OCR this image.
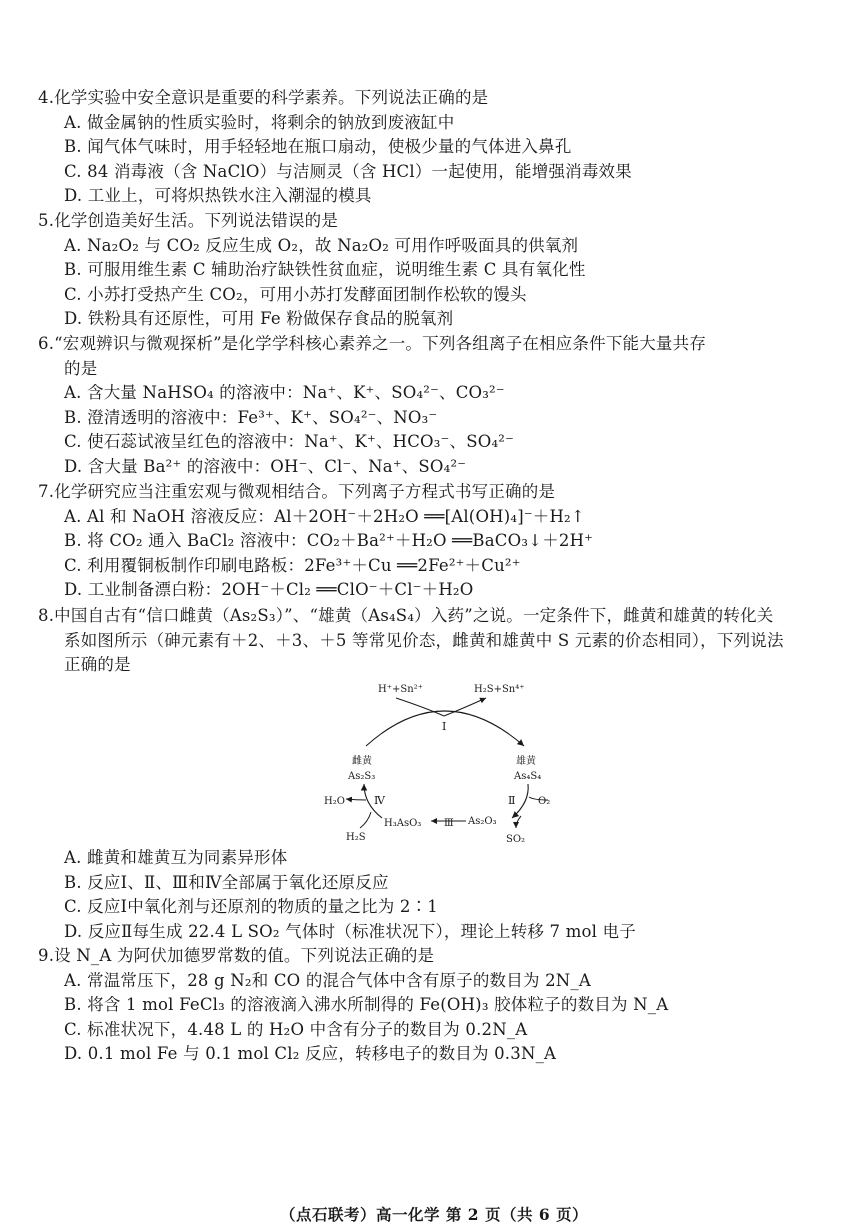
4.化学实验中安全意识是重要的科学素养。下列说法正确的是
A. 做金属钠的性质实验时，将剩余的钠放到废液缸中
B. 闻气体气味时，用手轻轻地在瓶口扇动，使极少量的气体进入鼻孔
C. 84 消毒液（含 NaClO）与洁厕灵（含 HCl）一起使用，能增强消毒效果
D. 工业上，可将炽热铁水注入潮湿的模具
5.化学创造美好生活。下列说法错误的是
A. Na₂O₂ 与 CO₂ 反应生成 O₂，故 Na₂O₂ 可用作呼吸面具的供氧剂
B. 可服用维生素 C 辅助治疗缺铁性贫血症，说明维生素 C 具有氧化性
C. 小苏打受热产生 CO₂，可用小苏打发酵面团制作松软的馒头
D. 铁粉具有还原性，可用 Fe 粉做保存食品的脱氧剂
6.“宏观辨识与微观探析”是化学学科核心素养之一。下列各组离子在相应条件下能大量共存
的是
A. 含大量 NaHSO₄ 的溶液中：Na⁺、K⁺、SO₄²⁻、CO₃²⁻
B. 澄清透明的溶液中：Fe³⁺、K⁺、SO₄²⁻、NO₃⁻
C. 使石蕊试液呈红色的溶液中：Na⁺、K⁺、HCO₃⁻、SO₄²⁻
D. 含大量 Ba²⁺ 的溶液中：OH⁻、Cl⁻、Na⁺、SO₄²⁻
7.化学研究应当注重宏观与微观相结合。下列离子方程式书写正确的是
A. Al 和 NaOH 溶液反应：Al＋2OH⁻＋2H₂O ══[Al(OH)₄]⁻＋H₂↑
B. 将 CO₂ 通入 BaCl₂ 溶液中：CO₂＋Ba²⁺＋H₂O ══BaCO₃↓＋2H⁺
C. 利用覆铜板制作印刷电路板：2Fe³⁺＋Cu ══2Fe²⁺＋Cu²⁺
D. 工业制备漂白粉：2OH⁻＋Cl₂ ══ClO⁻＋Cl⁻＋H₂O
8.中国自古有“信口雌黄（As₂S₃）”、“雄黄（As₄S₄）入药”之说。一定条件下，雌黄和雄黄的转化关
系如图所示（砷元素有＋2、＋3、＋5 等常见价态，雌黄和雄黄中 S 元素的价态相同），下列说法
正确的是
H⁺+Sn²⁺	H₂S+Sn⁴⁺
Ⅰ
雌黄
As₂S₃
雄黄
As₄S₄
Ⅱ O₂
SO₂
As₂O₃
Ⅲ
H₃AsO₃
Ⅳ
H₂O
H₂S
A. 雌黄和雄黄互为同素异形体
B. 反应Ⅰ、Ⅱ、Ⅲ和Ⅳ全部属于氧化还原反应
C. 反应Ⅰ中氧化剂与还原剂的物质的量之比为 2∶1
D. 反应Ⅱ每生成 22.4 L SO₂ 气体时（标准状况下），理论上转移 7 mol 电子
9.设 N_A 为阿伏加德罗常数的值。下列说法正确的是
A. 常温常压下，28 g N₂和 CO 的混合气体中含有原子的数目为 2N_A
B. 将含 1 mol FeCl₃ 的溶液滴入沸水所制得的 Fe(OH)₃ 胶体粒子的数目为 N_A
C. 标准状况下，4.48 L 的 H₂O 中含有分子的数目为 0.2N_A
D. 0.1 mol Fe 与 0.1 mol Cl₂ 反应，转移电子的数目为 0.3N_A
（点石联考）高一化学 第 2 页（共 6 页）
